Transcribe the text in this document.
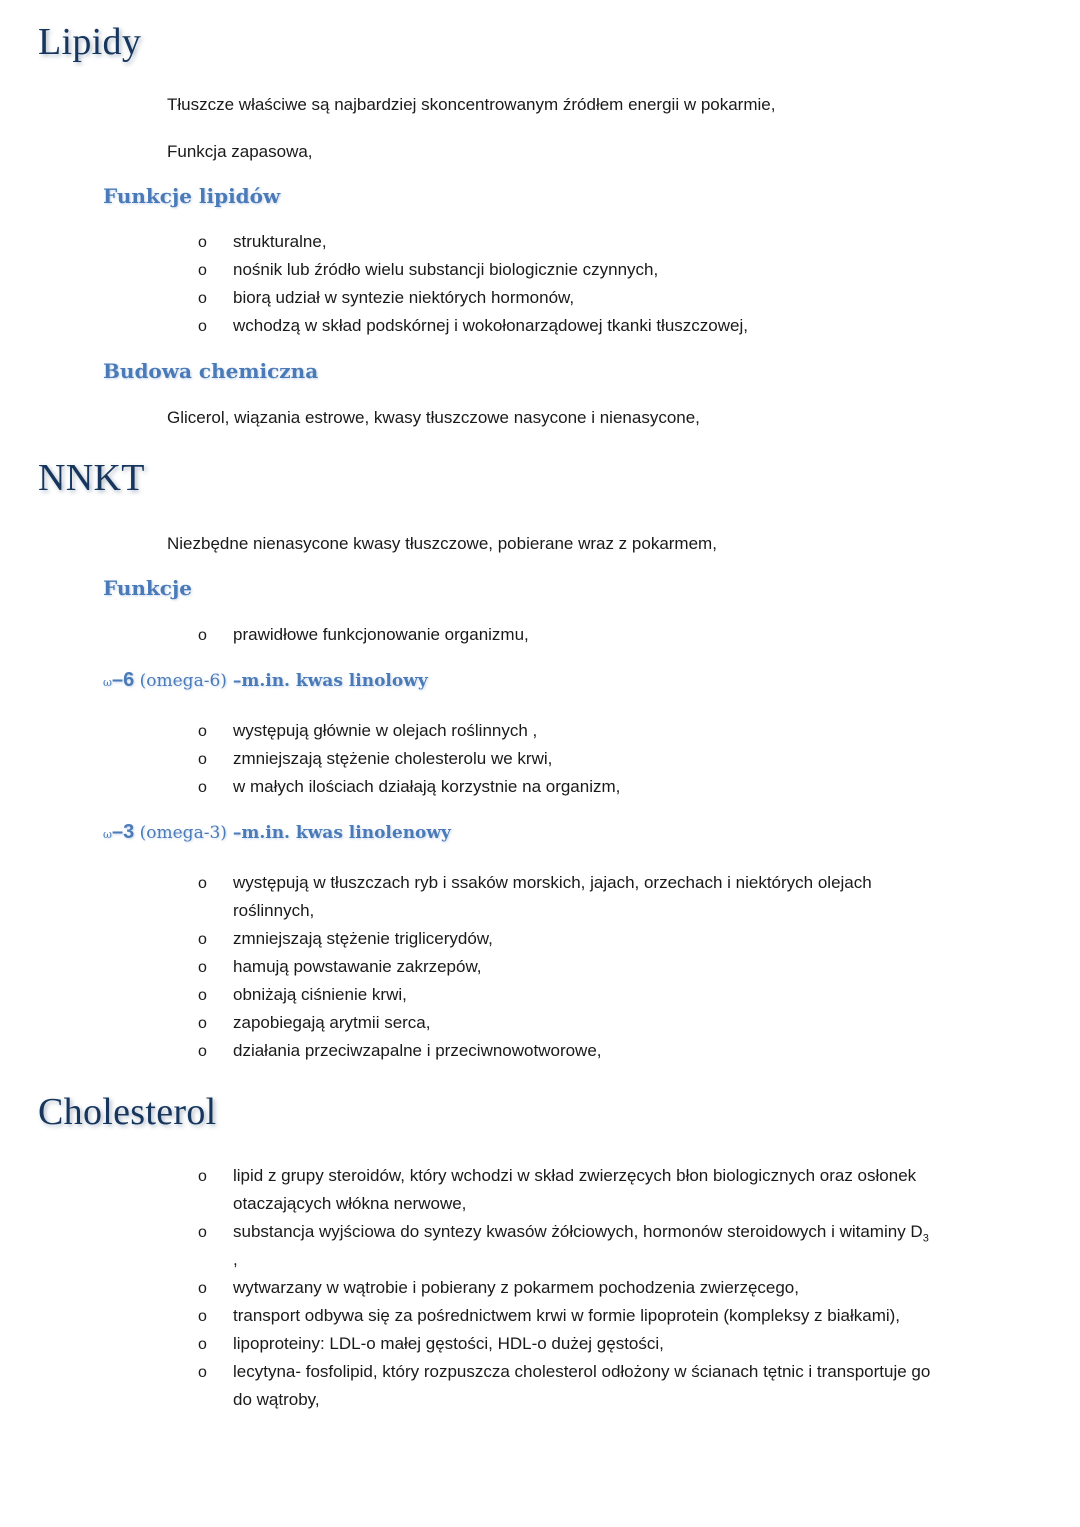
Lipidy
Tłuszcze właściwe są najbardziej skoncentrowanym źródłem energii w pokarmie,
Funkcja zapasowa,
Funkcje lipidów
o strukturalne,
o nośnik lub źródło wielu substancji biologicznie czynnych,
o biorą udział w syntezie niektórych hormonów,
o wchodzą w skład podskórnej i wokołonarządowej tkanki tłuszczowej,
Budowa chemiczna
Glicerol, wiązania estrowe, kwasy tłuszczowe nasycone i nienasycone,
NNKT
Niezbędne nienasycone kwasy tłuszczowe, pobierane wraz z pokarmem,
Funkcje
o prawidłowe funkcjonowanie organizmu,
ω–6 (omega-6) –m.in. kwas linolowy
o występują głównie w olejach roślinnych ,
o zmniejszają stężenie cholesterolu we krwi,
o w małych ilościach działają korzystnie na organizm,
ω–3 (omega-3) –m.in. kwas linolenowy
o występują w tłuszczach ryb i ssaków morskich, jajach, orzechach i niektórych olejach
roślinnych,
o zmniejszają stężenie triglicerydów,
o hamują powstawanie zakrzepów,
o obniżają ciśnienie krwi,
o zapobiegają arytmii serca,
o działania przeciwzapalne i przeciwnowotworowe,
Cholesterol
o lipid z grupy steroidów, który wchodzi w skład zwierzęcych błon biologicznych oraz osłonek
otaczających włókna nerwowe,
o substancja wyjściowa do syntezy kwasów żółciowych, hormonów steroidowych i witaminy $D_3$
,
o wytwarzany w wątrobie i pobierany z pokarmem pochodzenia zwierzęcego,
o transport odbywa się za pośrednictwem krwi w formie lipoprotein (kompleksy z białkami),
o lipoproteiny: LDL-o małej gęstości, HDL-o dużej gęstości,
o lecytyna- fosfolipid, który rozpuszcza cholesterol odłożony w ścianach tętnic i transportuje go
do wątroby,
